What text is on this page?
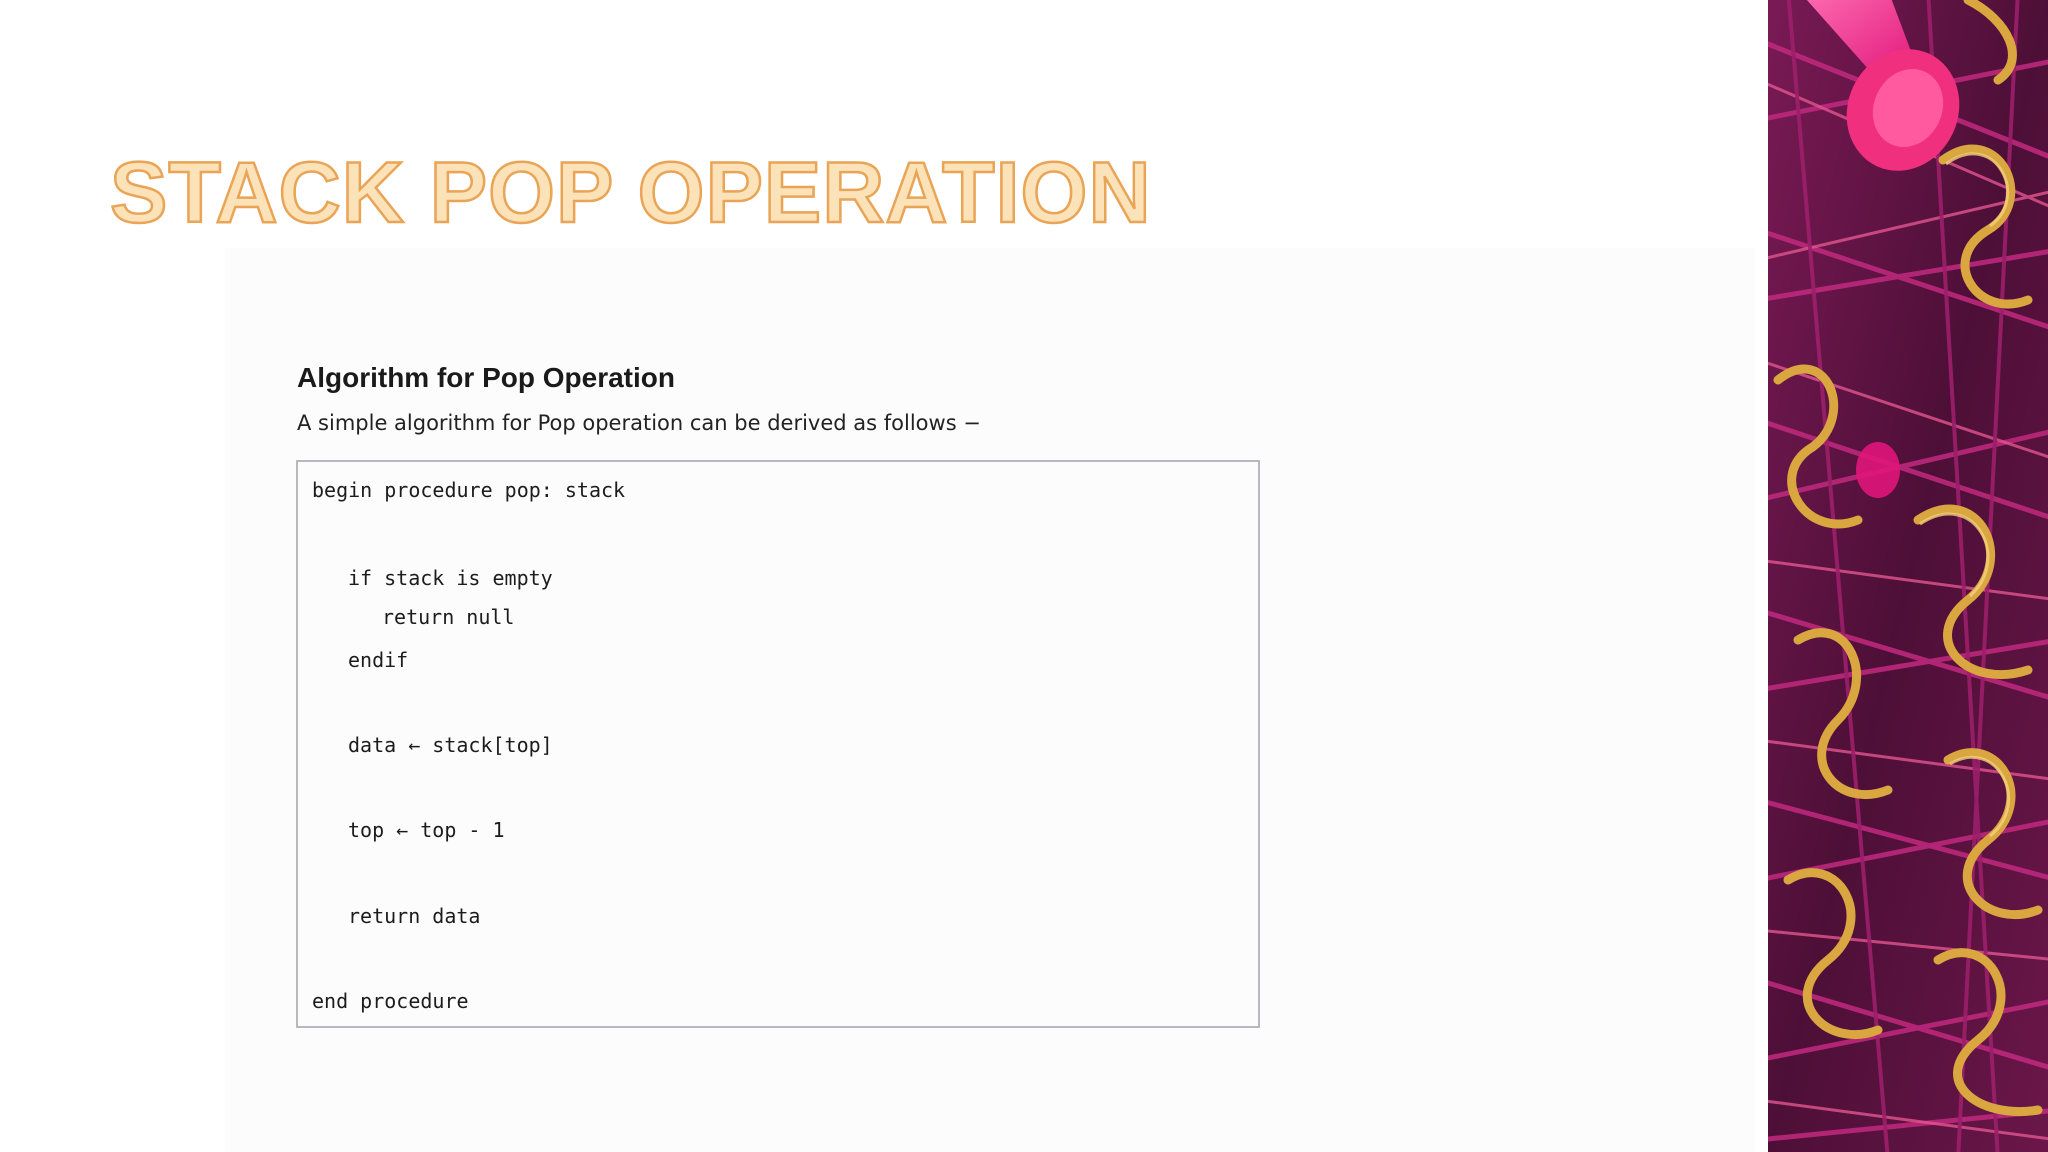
STACK POP OPERATION
Algorithm for Pop Operation

A simple algorithm for Pop operation can be derived as follows −

begin procedure pop: stack

if stack is empty

return null

endif

data ← stack[top]

top ← top - 1

return data

end procedure
